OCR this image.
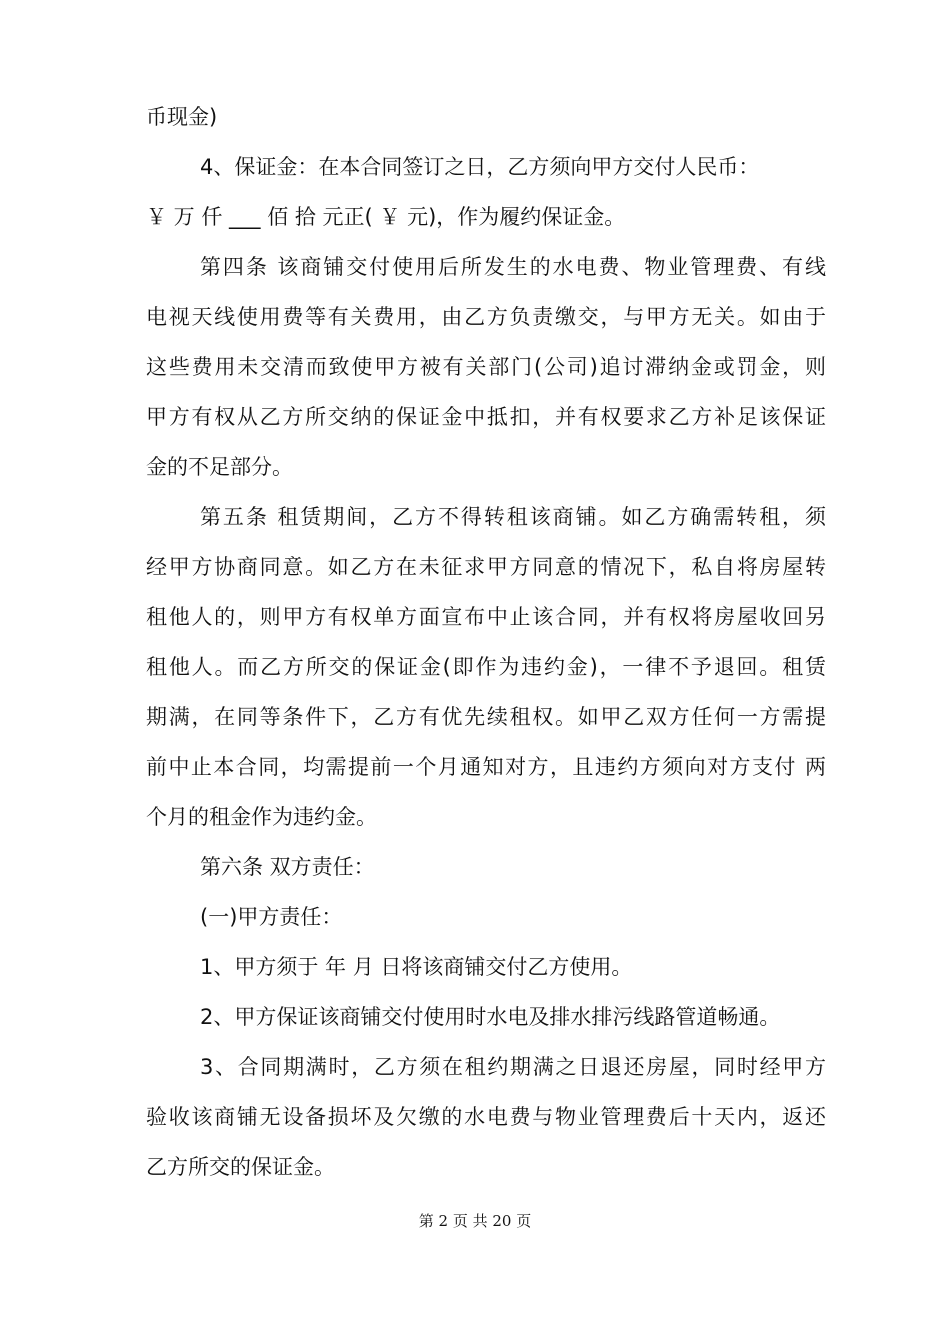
币现金)
4、保证金：在本合同签订之日，乙方须向甲方交付人民币：
￥ 万 仟 ___ 佰 拾 元正( ￥ 元)，作为履约保证金。
第四条 该商铺交付使用后所发生的水电费、物业管理费、有线
电视天线使用费等有关费用，由乙方负责缴交，与甲方无关。如由于
这些费用未交清而致使甲方被有关部门(公司)追讨滞纳金或罚金，则
甲方有权从乙方所交纳的保证金中抵扣，并有权要求乙方补足该保证
金的不足部分。
第五条 租赁期间，乙方不得转租该商铺。如乙方确需转租，须
经甲方协商同意。如乙方在未征求甲方同意的情况下，私自将房屋转
租他人的，则甲方有权单方面宣布中止该合同，并有权将房屋收回另
租他人。而乙方所交的保证金(即作为违约金)，一律不予退回。租赁
期满，在同等条件下，乙方有优先续租权。如甲乙双方任何一方需提
前中止本合同，均需提前一个月通知对方，且违约方须向对方支付 两
个月的租金作为违约金。
第六条 双方责任：
(一)甲方责任：
1、甲方须于 年 月 日将该商铺交付乙方使用。
2、甲方保证该商铺交付使用时水电及排水排污线路管道畅通。
3、合同期满时，乙方须在租约期满之日退还房屋，同时经甲方
验收该商铺无设备损坏及欠缴的水电费与物业管理费后十天内，返还
乙方所交的保证金。
第 2 页 共 20 页
